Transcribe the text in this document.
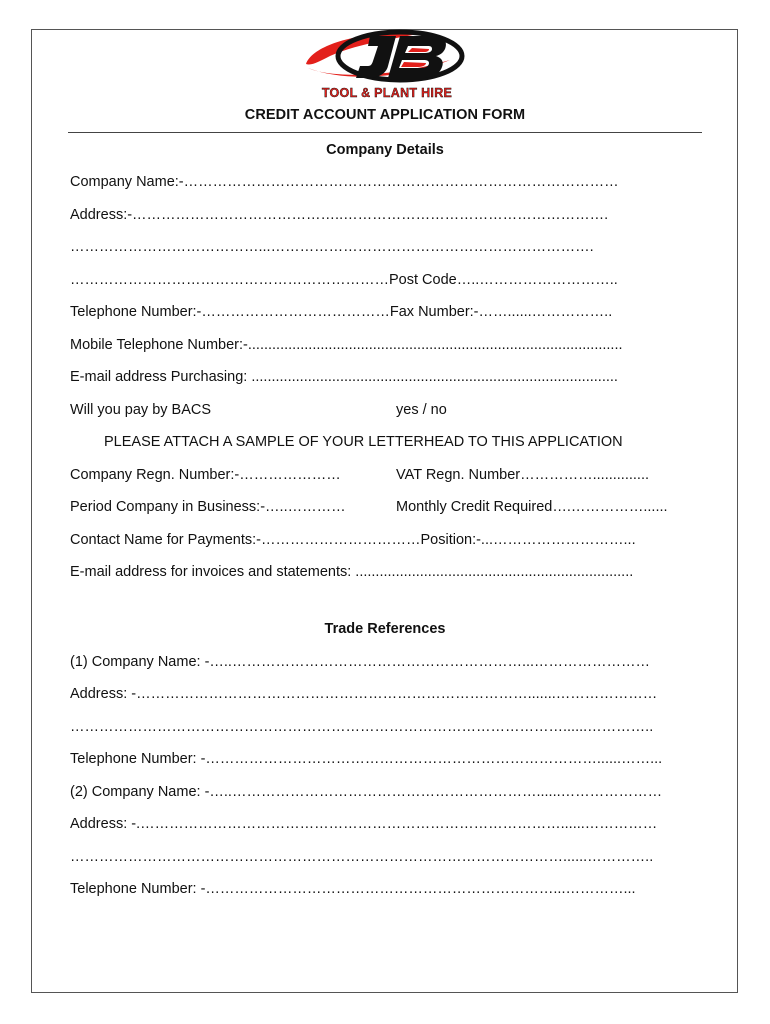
TOOL & PLANT HIRE
CREDIT ACCOUNT APPLICATION FORM
Company Details
Company Name:-………………………………………………………………………………
Address:-……………………………………..……………………………………………….
…………………………………...………………………………………………………….
…………………………………………………………Post Code…..………………………..
Telephone Number:-…………………………………Fax Number:-……......……………..
Mobile Telephone Number:-.............................................................................................
E-mail address Purchasing: ...........................................................................................
Will you pay by BACS	yes / no
PLEASE ATTACH A SAMPLE OF YOUR LETTERHEAD TO THIS APPLICATION
Company Regn. Number:-…………………	VAT Regn. Number……………..............
Period Company in Business:-…..…………	Monthly Credit Required….……………......
Contact Name for Payments:-……………………………Position:-...………………………...
E-mail address for invoices and statements: .....................................................................
Trade References
(1) Company Name: -…..……………………………………………………...……………………
Address: -……………………………………………………………………….......…………………
…………………………………………………………………………………………......…………..
Telephone Number: -………………………………………………………………………......……...
(2) Company Name: -…..………………………………………………………......…………………
Address: -.……………………………………………………………………………......……………
…………………………………………………………………………………………......…………..
Telephone Number: -………………………………………………………………...…………...
